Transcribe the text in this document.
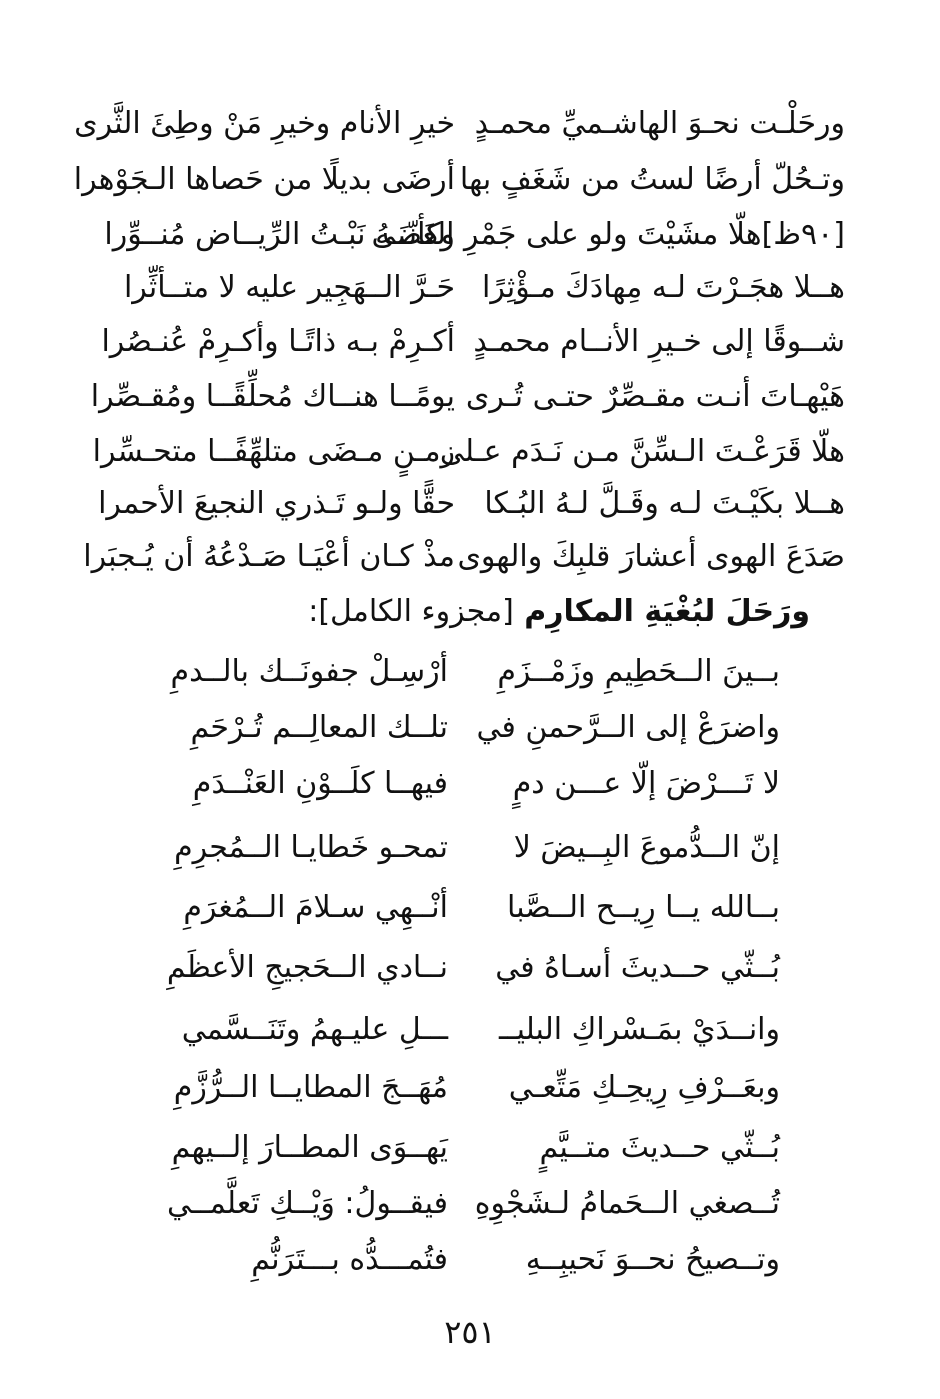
ورحَلْـت نحـوَ الهاشـميِّ محمـدٍ
خيرِ الأنام وخيرِ مَنْ وطِئَ الثَّرى
وتـحُلّ أرضًا لستُ من شَغَفٍ بها
أرضَى بديلًا من حَصاها الـجَوْهرا
[٩٠ظ]هلّا مشَيْتَ ولو على جَمْرِ الغَضَى
وكأنّــهُ نَبْـتُ الرِّيــاض مُنــوِّرا
هــلا هجَـرْتَ لـه مِهادَكَ مـؤْثِرًا
حَـرَّ الــهَجِير عليه لا متــأثِّرا
شــوقًا إلى خـيرِ الأنــام محمـدٍ
أكـرِمْ بـه ذاتًـا وأكـرِمْ عُنـصُرا
هَيْهـاتَ أنـت مقـصِّرٌ حتـى تُـرى
يومًــا هنــاك مُحلِّقًــا ومُقـصِّرا
هلّا قَرَعْـتَ الـسِّنَّ مـن نَـدَم عـلى
زمـنٍ مـضَى متلهِّفًــا متحـسِّرا
هــلا بكَيْـتَ لـه وقَـلَّ لـهُ البُـكا
حقًّا ولـو تَـذري النجيعَ الأحمرا
صَدَعَ الهوى أعشارَ قلبِكَ والهوى
مذْ كـان أعْيَـا صَـدْعُهُ أن يُـجبَرا
ورَحَلَ لبُغْيَةِ المكارِم [مجزوء الكامل]:
بــينَ الــحَطِيمِ وزَمْــزَمِ
أرْسِـلْ جفونَــك بالــدمِ
واضرَعْ إلى الــرَّحمنِ في
تلــك المعالِــم تُـرْحَمِ
لا تَـــرْضَ إلّا عـــن دمٍ
فيهــا كلَــوْنِ العَنْــدَمِ
إنّ الــدُّموعَ البِــيضَ لا
تمحـو خَطايـا الــمُجرِمِ
بــالله يــا رِيــح الــصَّبا
أنْــهِي سـلامَ الــمُغرَمِ
بُــثّي حــديثَ أسـاهُ في
نــادي الــحَجيجِ الأعظَمِ
وانــدَيْ بمَـسْراكِ البليــ
ـــلِ عليـهمُ وتَنَــسَّمي
وبعَــرْفِ رِيحِـكِ مَتِّعـي
مُهَــجَ المطايــا الــرُّزَّمِ
بُــثّي حــديثَ متــيَّمٍ
يَهــوَى المطــارَ إلــيهمِ
تُــصغي الــحَمامُ لـشَجْوِهِ
فيقــولُ: وَيْــكِ تَعلَّمــي
وتــصيحُ نحــوَ نَحيبِــهِ
فتُمـــدُّه بـــتَرَنُّمِ
٢٥١
